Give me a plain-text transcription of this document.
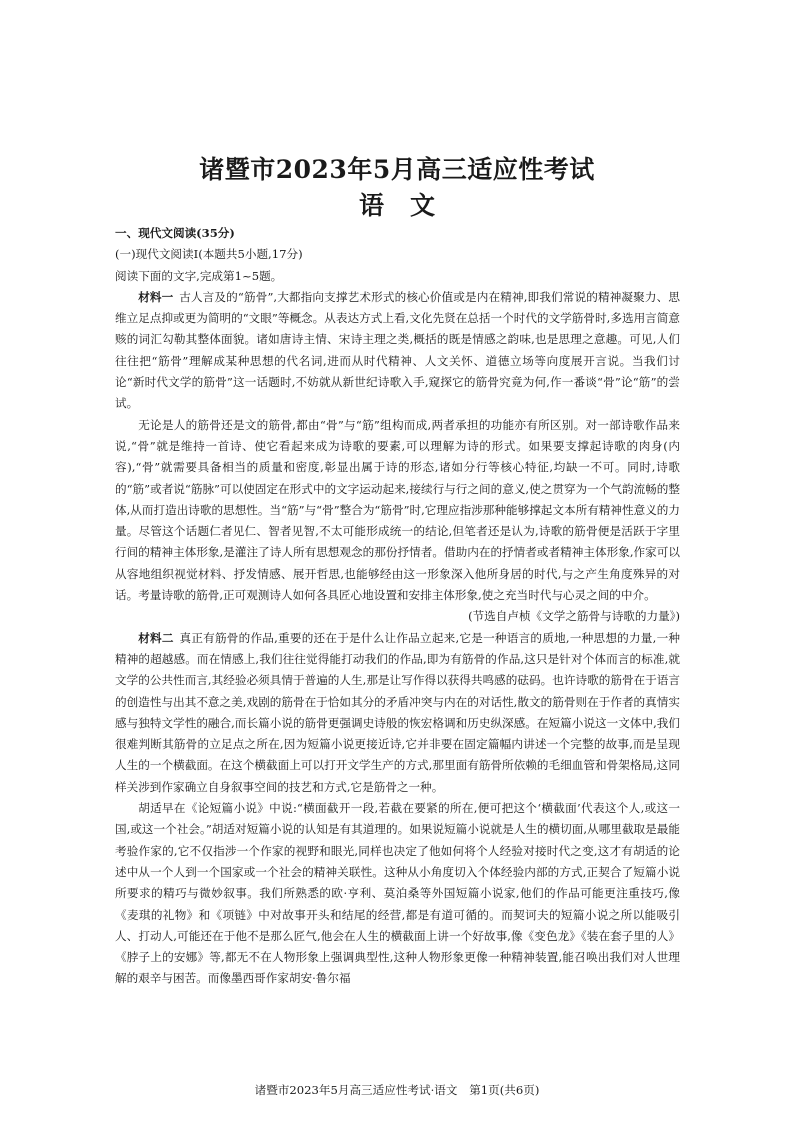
诸暨市2023年5月高三适应性考试
语文

一、现代文阅读(35分)

(一)现代文阅读Ⅰ(本题共5小题,17分)

阅读下面的文字,完成第1~5题。

材料一 古人言及的“筋骨”,大都指向支撑艺术形式的核心价值或是内在精神,即我们常说的精神凝聚力、思维立足点抑或更为简明的“文眼”等概念。从表达方式上看,文化先贤在总括一个时代的文学筋骨时,多选用言简意赅的词汇勾勒其整体面貌。诸如唐诗主情、宋诗主理之类,概括的既是情感之韵味,也是思理之意趣。可见,人们往往把“筋骨”理解成某种思想的代名词,进而从时代精神、人文关怀、道德立场等向度展开言说。当我们讨论“新时代文学的筋骨”这一话题时,不妨就从新世纪诗歌入手,窥探它的筋骨究竟为何,作一番谈“骨”论“筋”的尝试。

无论是人的筋骨还是文的筋骨,都由“骨”与“筋”组构而成,两者承担的功能亦有所区别。对一部诗歌作品来说,“骨”就是维持一首诗、使它看起来成为诗歌的要素,可以理解为诗的形式。如果要支撑起诗歌的肉身(内容),“骨”就需要具备相当的质量和密度,彰显出属于诗的形态,诸如分行等核心特征,均缺一不可。同时,诗歌的“筋”或者说“筋脉”可以使固定在形式中的文字运动起来,接续行与行之间的意义,使之贯穿为一个气韵流畅的整体,从而打造出诗歌的思想性。当“筋”与“骨”整合为“筋骨”时,它理应指涉那种能够撑起文本所有精神性意义的力量。尽管这个话题仁者见仁、智者见智,不太可能形成统一的结论,但笔者还是认为,诗歌的筋骨便是活跃于字里行间的精神主体形象,是灌注了诗人所有思想观念的那份抒情者。借助内在的抒情者或者精神主体形象,作家可以从容地组织视觉材料、抒发情感、展开哲思,也能够经由这一形象深入他所身居的时代,与之产生角度殊异的对话。考量诗歌的筋骨,正可观测诗人如何各具匠心地设置和安排主体形象,使之充当时代与心灵之间的中介。

(节选自卢桢《文学之筋骨与诗歌的力量》)

材料二 真正有筋骨的作品,重要的还在于是什么让作品立起来,它是一种语言的质地,一种思想的力量,一种精神的超越感。而在情感上,我们往往觉得能打动我们的作品,即为有筋骨的作品,这只是针对个体而言的标准,就文学的公共性而言,其经验必须具情于普遍的人生,那是让写作得以获得共鸣感的砝码。也许诗歌的筋骨在于语言的创造性与出其不意之美,戏剧的筋骨在于恰如其分的矛盾冲突与内在的对话性,散文的筋骨则在于作者的真情实感与独特文学性的融合,而长篇小说的筋骨更强调史诗般的恢宏格调和历史纵深感。在短篇小说这一文体中,我们很难判断其筋骨的立足点之所在,因为短篇小说更接近诗,它并非要在固定篇幅内讲述一个完整的故事,而是呈现人生的一个横截面。在这个横截面上可以打开文学生产的方式,那里面有筋骨所依赖的毛细血管和骨架格局,这同样关涉到作家确立自身叙事空间的技艺和方式,它是筋骨之一种。

胡适早在《论短篇小说》中说:“横面截开一段,若截在要紧的所在,便可把这个‘横截面’代表这个人,或这一国,或这一个社会。”胡适对短篇小说的认知是有其道理的。如果说短篇小说就是人生的横切面,从哪里截取是最能考验作家的,它不仅指涉一个作家的视野和眼光,同样也决定了他如何将个人经验对接时代之变,这才有胡适的论述中从一个人到一个国家或一个社会的精神关联性。这种从小角度切入个体经验内部的方式,正契合了短篇小说所要求的精巧与微妙叙事。我们所熟悉的欧·亨利、莫泊桑等外国短篇小说家,他们的作品可能更注重技巧,像《麦琪的礼物》和《项链》中对故事开头和结尾的经营,都是有道可循的。而契诃夫的短篇小说之所以能吸引人、打动人,可能还在于他不是那么匠气,他会在人生的横截面上讲一个好故事,像《变色龙》《装在套子里的人》《脖子上的安娜》等,都无不在人物形象上强调典型性,这种人物形象更像一种精神装置,能召唤出我们对人世理解的艰辛与困苦。而像墨西哥作家胡安·鲁尔福

诸暨市2023年5月高三适应性考试·语文 第1页(共6页)
